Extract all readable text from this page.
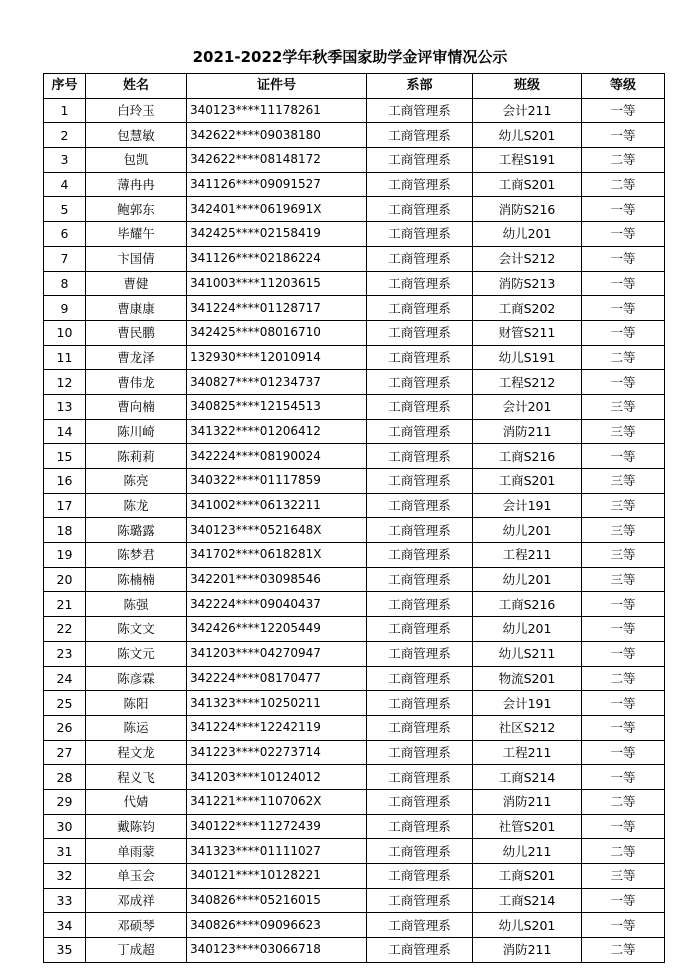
2021-2022学年秋季国家助学金评审情况公示
序号	姓名	证件号	系部	班级	等级
1	白玲玉	340123****11178261	工商管理系	会计211	一等
2	包慧敏	342622****09038180	工商管理系	幼儿S201	一等
3	包凯	342622****08148172	工商管理系	工程S191	二等
4	薄冉冉	341126****09091527	工商管理系	工商S201	二等
5	鲍郭东	342401****0619691X	工商管理系	消防S216	一等
6	毕耀午	342425****02158419	工商管理系	幼儿201	一等
7	卞国倩	341126****02186224	工商管理系	会计S212	一等
8	曹健	341003****11203615	工商管理系	消防S213	一等
9	曹康康	341224****01128717	工商管理系	工商S202	一等
10	曹民鹏	342425****08016710	工商管理系	财管S211	一等
11	曹龙泽	132930****12010914	工商管理系	幼儿S191	二等
12	曹伟龙	340827****01234737	工商管理系	工程S212	一等
13	曹向楠	340825****12154513	工商管理系	会计201	三等
14	陈川崎	341322****01206412	工商管理系	消防211	三等
15	陈莉莉	342224****08190024	工商管理系	工商S216	一等
16	陈亮	340322****01117859	工商管理系	工商S201	三等
17	陈龙	341002****06132211	工商管理系	会计191	三等
18	陈璐露	340123****0521648X	工商管理系	幼儿201	三等
19	陈梦君	341702****0618281X	工商管理系	工程211	三等
20	陈楠楠	342201****03098546	工商管理系	幼儿201	三等
21	陈强	342224****09040437	工商管理系	工商S216	一等
22	陈文文	342426****12205449	工商管理系	幼儿201	一等
23	陈文元	341203****04270947	工商管理系	幼儿S211	一等
24	陈彦霖	342224****08170477	工商管理系	物流S201	二等
25	陈阳	341323****10250211	工商管理系	会计191	一等
26	陈运	341224****12242119	工商管理系	社区S212	一等
27	程文龙	341223****02273714	工商管理系	工程211	一等
28	程义飞	341203****10124012	工商管理系	工商S214	一等
29	代婧	341221****1107062X	工商管理系	消防211	二等
30	戴陈钧	340122****11272439	工商管理系	社管S201	一等
31	单雨蒙	341323****01111027	工商管理系	幼儿211	二等
32	单玉会	340121****10128221	工商管理系	工商S201	三等
33	邓成祥	340826****05216015	工商管理系	工商S214	一等
34	邓硕琴	340826****09096623	工商管理系	幼儿S201	一等
35	丁成超	340123****03066718	工商管理系	消防211	二等
